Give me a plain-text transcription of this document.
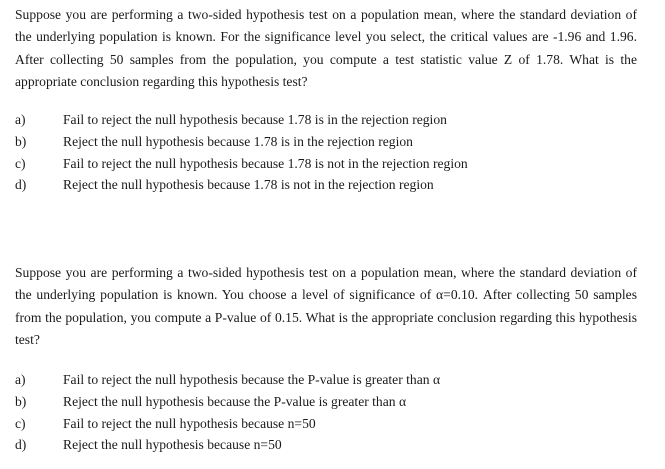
Suppose you are performing a two-sided hypothesis test on a population mean, where the standard deviation of the underlying population is known. For the significance level you select, the critical values are -1.96 and 1.96. After collecting 50 samples from the population, you compute a test statistic value Z of 1.78. What is the appropriate conclusion regarding this hypothesis test?

a)	Fail to reject the null hypothesis because 1.78 is in the rejection region
b)	Reject the null hypothesis because 1.78 is in the rejection region
c)	Fail to reject the null hypothesis because 1.78 is not in the rejection region
d)	Reject the null hypothesis because 1.78 is not in the rejection region

Suppose you are performing a two-sided hypothesis test on a population mean, where the standard deviation of the underlying population is known. You choose a level of significance of α=0.10. After collecting 50 samples from the population, you compute a P-value of 0.15. What is the appropriate conclusion regarding this hypothesis test?

a)	Fail to reject the null hypothesis because the P-value is greater than α
b)	Reject the null hypothesis because the P-value is greater than α
c)	Fail to reject the null hypothesis because n=50
d)	Reject the null hypothesis because n=50
